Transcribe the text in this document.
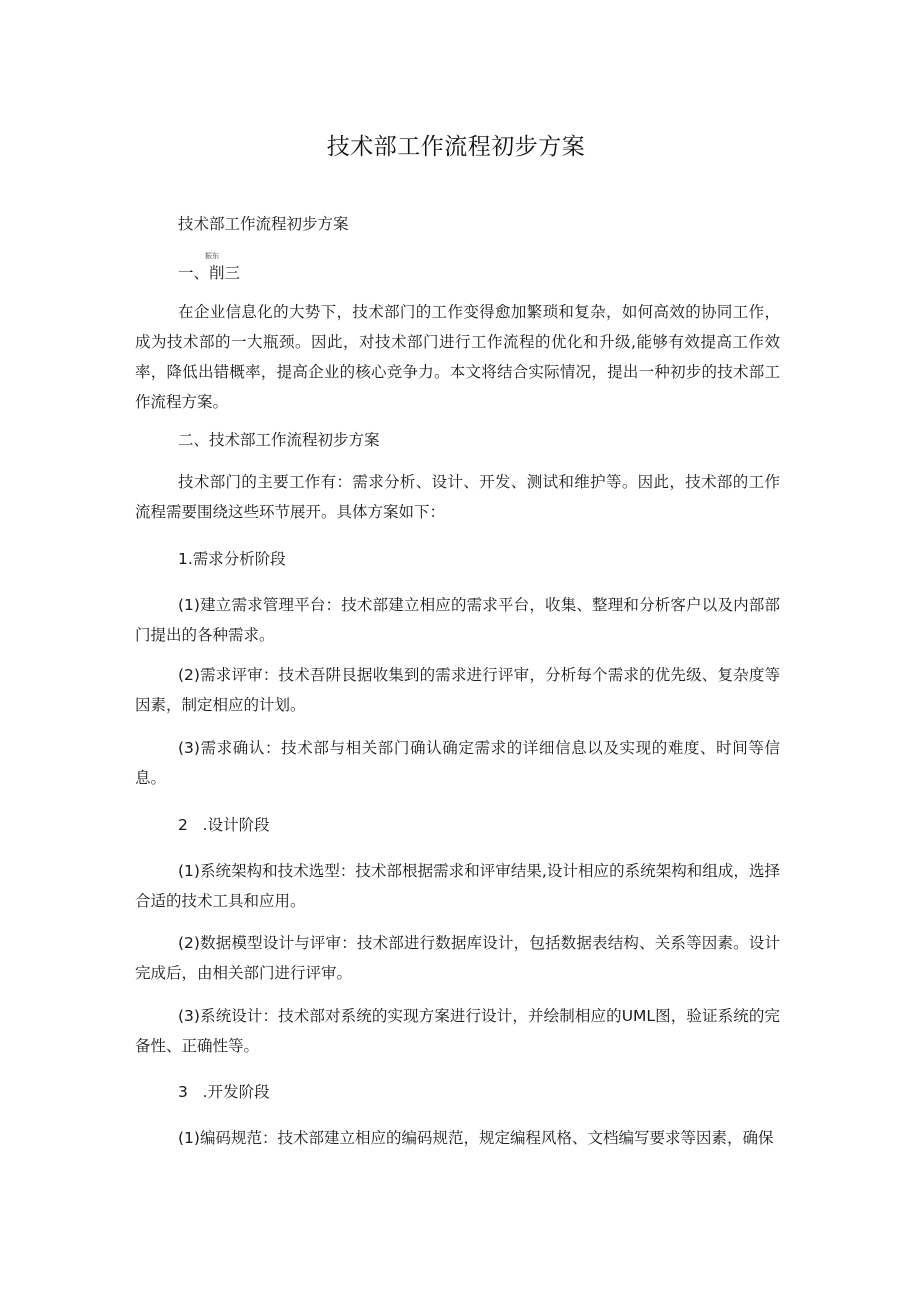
技术部工作流程初步方案

技术部工作流程初步方案

振东

一、削三

在企业信息化的大势下，技术部门的工作变得愈加繁琐和复杂，如何高效的协同工作，成为技术部的一大瓶颈。因此，对技术部门进行工作流程的优化和升级,能够有效提高工作效率，降低出错概率，提高企业的核心竞争力。本文将结合实际情况，提出一种初步的技术部工作流程方案。

二、技术部工作流程初步方案

技术部门的主要工作有：需求分析、设计、开发、测试和维护等。因此，技术部的工作流程需要围绕这些环节展开。具体方案如下：

1.需求分析阶段

(1)建立需求管理平台：技术部建立相应的需求平台，收集、整理和分析客户以及内部部门提出的各种需求。

(2)需求评审：技术吾阱艮据收集到的需求进行评审，分析每个需求的优先级、复杂度等因素，制定相应的计划。

(3)需求确认：技术部与相关部门确认确定需求的详细信息以及实现的难度、时间等信息。

2   .设计阶段

(1)系统架构和技术选型：技术部根据需求和评审结果,设计相应的系统架构和组成，选择合适的技术工具和应用。

(2)数据模型设计与评审：技术部进行数据库设计，包括数据表结构、关系等因素。设计完成后，由相关部门进行评审。

(3)系统设计：技术部对系统的实现方案进行设计，并绘制相应的UML图，验证系统的完备性、正确性等。

3   .开发阶段

(1)编码规范：技术部建立相应的编码规范，规定编程风格、文档编写要求等因素，确保
